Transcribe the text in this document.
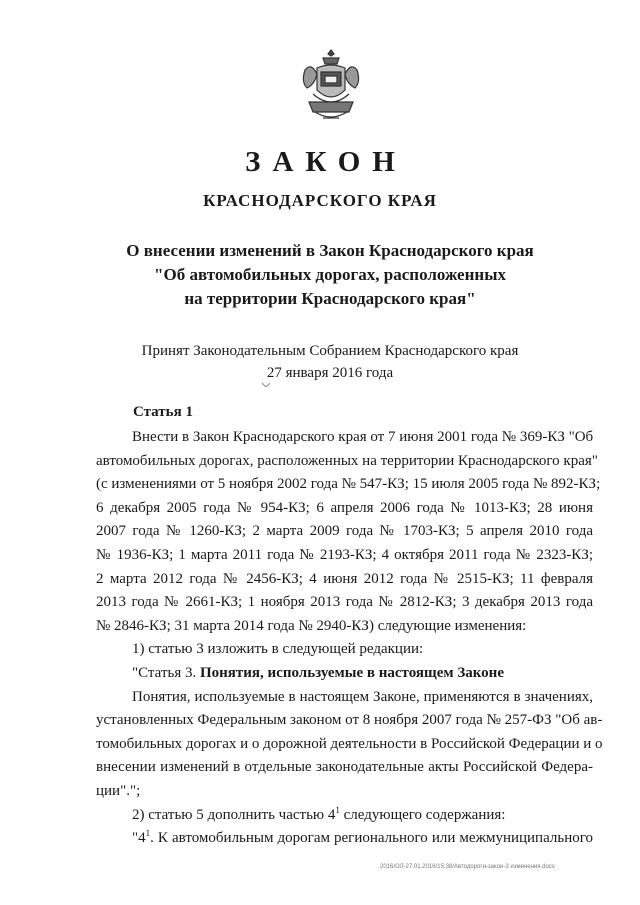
ЗАКОН
КРАСНОДАРСКОГО КРАЯ
О внесении изменений в Закон Краснодарского края
"Об автомобильных дорогах, расположенных
на территории Краснодарского края"
Принят Законодательным Собранием Краснодарского края
27 января 2016 года
Статья 1
Внести в Закон Краснодарского края от 7 июня 2001 года № 369-КЗ "Об
автомобильных дорогах, расположенных на территории Краснодарского края"
(с изменениями от 5 ноября 2002 года № 547-КЗ; 15 июля 2005 года № 892-КЗ;
6 декабря 2005 года № 954-КЗ; 6 апреля 2006 года № 1013-КЗ; 28 июня
2007 года № 1260-КЗ; 2 марта 2009 года № 1703-КЗ; 5 апреля 2010 года
№ 1936-КЗ; 1 марта 2011 года № 2193-КЗ; 4 октября 2011 года № 2323-КЗ;
2 марта 2012 года № 2456-КЗ; 4 июня 2012 года № 2515-КЗ; 11 февраля
2013 года № 2661-КЗ; 1 ноября 2013 года № 2812-КЗ; 3 декабря 2013 года
№ 2846-КЗ; 31 марта 2014 года № 2940-КЗ) следующие изменения:
1) статью 3 изложить в следующей редакции:
"Статья 3. Понятия, используемые в настоящем Законе
Понятия, используемые в настоящем Законе, применяются в значениях,
установленных Федеральным законом от 8 ноября 2007 года № 257-ФЗ "Об ав-
томобильных дорогах и о дорожной деятельности в Российской Федерации и о
внесении изменений в отдельные законодательные акты Российской Федера-
ции".";
2) статью 5 дополнить частью $4^1$ следующего содержания:
"$4^1$. К автомобильным дорогам регионального или межмуниципального
2016/ОЛ-27.01.2016/15:38/Автодороги-закон-3 изменения.docx
